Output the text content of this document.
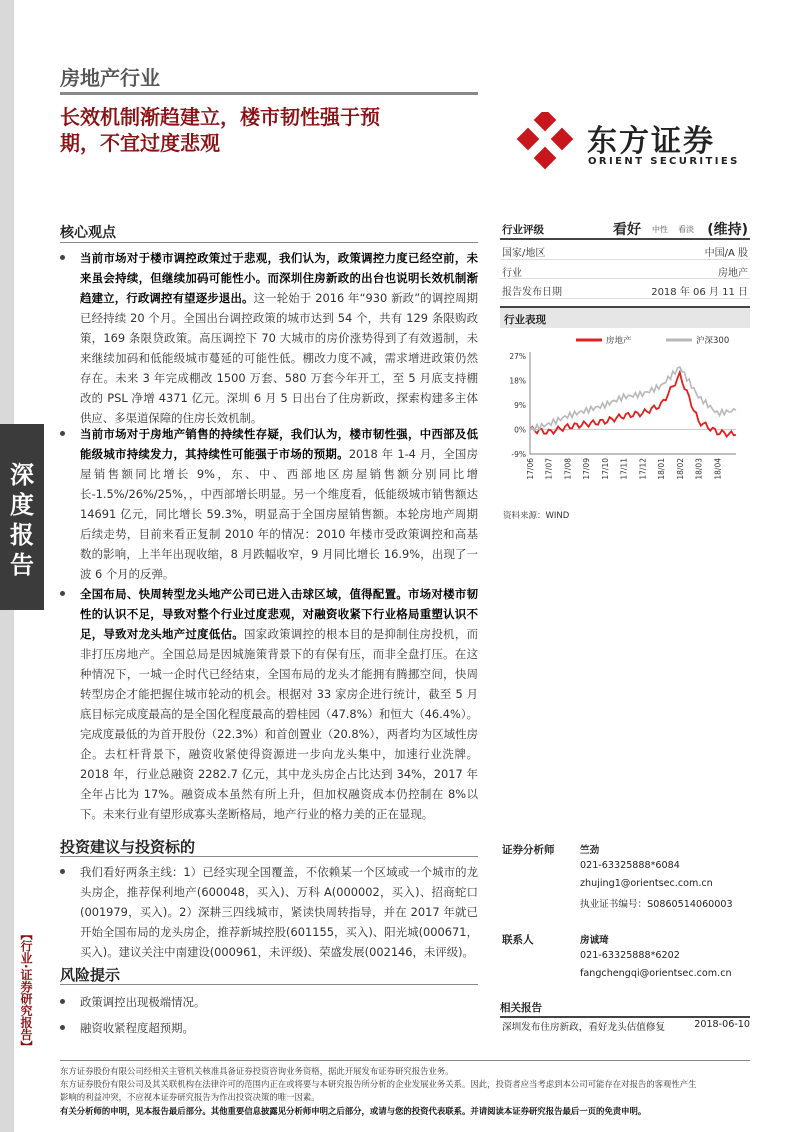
深度报告
【行业·证券研究报告】
房地产行业
长效机制渐趋建立，楼市韧性强于预
期，不宜过度悲观	东方证券
ORIENT SECURITIES
核心观点

当前市场对于楼市调控政策过于悲观，我们认为，政策调控力度已经空前，未来虽会持续，但继续加码可能性小。而深圳住房新政的出台也说明长效机制渐趋建立，行政调控有望逐步退出。这一轮始于 2016 年“930 新政”的调控周期已经持续 20 个月。全国出台调控政策的城市达到 54 个，共有 129 条限购政策，169 条限贷政策。高压调控下 70 大城市的房价涨势得到了有效遏制，未来继续加码和低能级城市蔓延的可能性低。棚改力度不减，需求增进政策仍然存在。未来 3 年完成棚改 1500 万套、580 万套今年开工，至 5 月底支持棚改的 PSL 净增 4371 亿元。深圳 6 月 5 日出台了住房新政，探索构建多主体供应、多渠道保障的住房长效机制。

当前市场对于房地产销售的持续性存疑，我们认为，楼市韧性强，中西部及低能级城市持续发力，其持续性可能强于市场的预期。2018 年 1-4 月，全国房屋销售额同比增长 9%，东、中、西部地区房屋销售额分别同比增长-1.5%/26%/25%，，中西部增长明显。另一个维度看，低能级城市销售额达 14691 亿元，同比增长 59.3%，明显高于全国房屋销售额。本轮房地产周期后续走势，目前来看正复制 2010 年的情况：2010 年楼市受政策调控和高基数的影响，上半年出现收缩，8 月跌幅收窄，9 月同比增长 16.9%，出现了一波 6 个月的反弹。

全国布局、快周转型龙头地产公司已进入击球区域，值得配置。市场对楼市韧性的认识不足，导致对整个行业过度悲观，对融资收紧下行业格局重塑认识不足，导致对龙头地产过度低估。国家政策调控的根本目的是抑制住房投机，而非打压房地产。全国总局是因城施策背景下的有保有压，而非全盘打压。在这种情况下，一城一企时代已经结束，全国布局的龙头才能拥有腾挪空间，快周转型房企才能把握住城市轮动的机会。根据对 33 家房企进行统计，截至 5 月底目标完成度最高的是全国化程度最高的碧桂园（47.8%）和恒大（46.4%）。完成度最低的为首开股份（22.3%）和首创置业（20.8%），两者均为区域性房企。去杠杆背景下，融资收紧使得资源进一步向龙头集中，加速行业洗牌。2018 年，行业总融资 2282.7 亿元，其中龙头房企占比达到 34%，2017 年全年占比为 17%。融资成本虽然有所上升，但加权融资成本仍控制在 8%以下。未来行业有望形成寡头垄断格局，地产行业的格力美的正在显现。

投资建议与投资标的

我们看好两条主线：1）已经实现全国覆盖，不依赖某一个区域或一个城市的龙头房企，推荐保利地产(600048，买入)、万科 A(000002，买入)、招商蛇口(001979，买入)。2）深耕三四线城市，紧读快周转指导，并在 2017 年就已开始全国布局的龙头房企，推荐新城控股(601155，买入)、阳光城(000671，买入)。建议关注中南建设(000961，未评级)、荣盛发展(002146，未评级)。

风险提示

政策调控出现极端情况。

融资收紧程度超预期。

行业评级	看好 中性 看淡 (维持)
国家/地区	中国/A 股
行业	房地产
报告发布日期	2018 年 06 月 11 日
行业表现
房地产	沪深300
27%
18%
9%
0%
-9%
17/06 17/07 17/08 17/09 17/10 17/11 17/12 18/01 18/02 18/03 18/04
资料来源：WIND
证券分析师	竺劲
021-63325888*6084
zhujing1@orientsec.com.cn
执业证书编号：S0860514060003
联系人	房诚琦
021-63325888*6202
fangchengqi@orientsec.com.cn
相关报告
深圳发布住房新政，看好龙头估值修复	2018-06-10
东方证券股份有限公司经相关主管机关核准具备证券投资咨询业务资格，据此开展发布证券研究报告业务。
东方证券股份有限公司及其关联机构在法律许可的范围内正在或将要与本研究报告所分析的企业发展业务关系。因此，投资者应当考虑到本公司可能存在对报告的客观性产生
影响的利益冲突，不应视本证券研究报告为作出投资决策的唯一因素。
有关分析师的申明，见本报告最后部分。其他重要信息披露见分析师申明之后部分，或请与您的投资代表联系。并请阅读本证券研究报告最后一页的免责申明。
